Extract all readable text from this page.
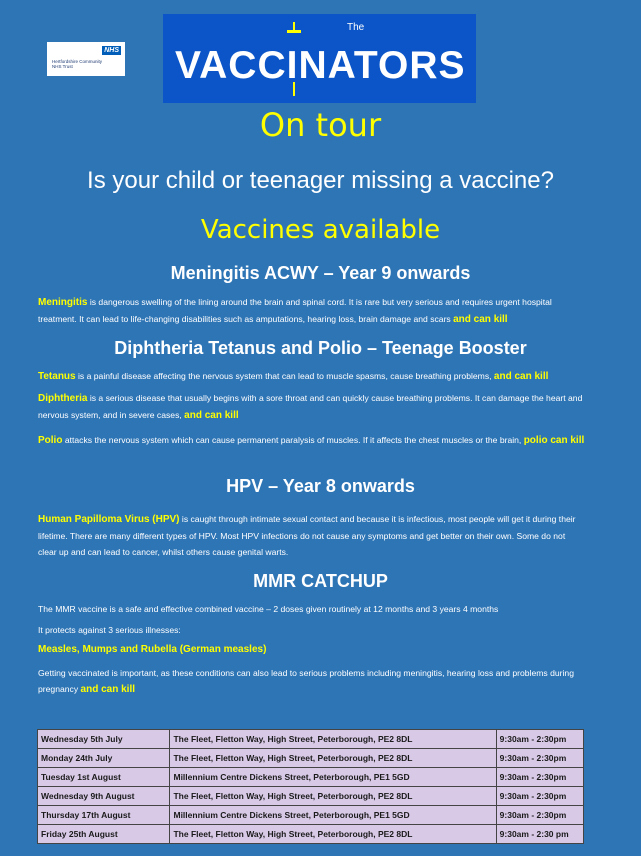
NHS
Hertfordshire Community
NHS Trust
The
VACCINATORS
On tour
Is your child or teenager missing a vaccine?
Vaccines available
Meningitis ACWY – Year 9 onwards
Meningitis is dangerous swelling of the lining around the brain and spinal cord. It is rare but very serious and requires urgent hospital treatment. It can lead to life-changing disabilities such as amputations, hearing loss, brain damage and scars and can kill
Diphtheria Tetanus and Polio – Teenage Booster
Tetanus is a painful disease affecting the nervous system that can lead to muscle spasms, cause breathing problems, and can kill
Diphtheria is a serious disease that usually begins with a sore throat and can quickly cause breathing problems. It can damage the heart and nervous system, and in severe cases, and can kill
Polio attacks the nervous system which can cause permanent paralysis of muscles. If it affects the chest muscles or the brain, polio can kill
HPV – Year 8 onwards
Human Papilloma Virus (HPV) is caught through intimate sexual contact and because it is infectious, most people will get it during their lifetime. There are many different types of HPV. Most HPV infections do not cause any symptoms and get better on their own. Some do not clear up and can lead to cancer, whilst others cause genital warts.
MMR CATCHUP
The MMR vaccine is a safe and effective combined vaccine – 2 doses given routinely at 12 months and 3 years 4 months
It protects against 3 serious illnesses:
Measles, Mumps and Rubella (German measles)
Getting vaccinated is important, as these conditions can also lead to serious problems including meningitis, hearing loss and problems during pregnancy and can kill
Wednesday 5th July	The Fleet, Fletton Way, High Street, Peterborough, PE2 8DL	9:30am - 2:30pm
Monday 24th July	The Fleet, Fletton Way, High Street, Peterborough, PE2 8DL	9:30am - 2:30pm
Tuesday 1st August	Millennium Centre Dickens Street, Peterborough, PE1 5GD	9:30am - 2:30pm
Wednesday 9th August	The Fleet, Fletton Way, High Street, Peterborough, PE2 8DL	9:30am - 2:30pm
Thursday 17th August	Millennium Centre Dickens Street, Peterborough, PE1 5GD	9:30am - 2:30pm
Friday 25th August	The Fleet, Fletton Way, High Street, Peterborough, PE2 8DL	9:30am - 2:30 pm
